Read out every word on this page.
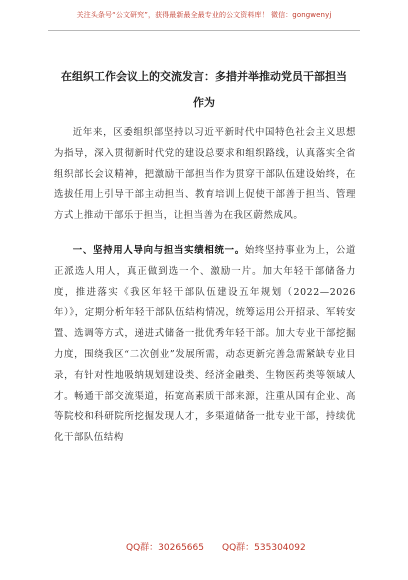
关注头条号“公文研究”，获得最新最全最专业的公文资料库！ 微信：gongwenyj
在组织工作会议上的交流发言：多措并举推动党员干部担当作为

近年来，区委组织部坚持以习近平新时代中国特色社会主义思想为指导，深入贯彻新时代党的建设总要求和组织路线，认真落实全省组织部长会议精神，把激励干部担当作为贯穿干部队伍建设始终，在选拔任用上引导干部主动担当、教育培训上促使干部善于担当、管理方式上推动干部乐于担当，让担当善为在我区蔚然成风。

一、坚持用人导向与担当实绩相统一。始终坚持事业为上，公道正派选人用人，真正做到选一个、激励一片。加大年轻干部储备力度，推进落实《我区年轻干部队伍建设五年规划（2022—2026年）》，定期分析年轻干部队伍结构情况，统筹运用公开招录、军转安置、选调等方式，递进式储备一批优秀年轻干部。加大专业干部挖掘力度，围绕我区“二次创业”发展所需，动态更新完善急需紧缺专业目录，有针对性地吸纳规划建设类、经济金融类、生物医药类等领域人才。畅通干部交流渠道，拓宽高素质干部来源，注重从国有企业、高等院校和科研院所挖掘发现人才，多渠道储备一批专业干部，持续优化干部队伍结构

QQ群：30265665 QQ群：535304092
